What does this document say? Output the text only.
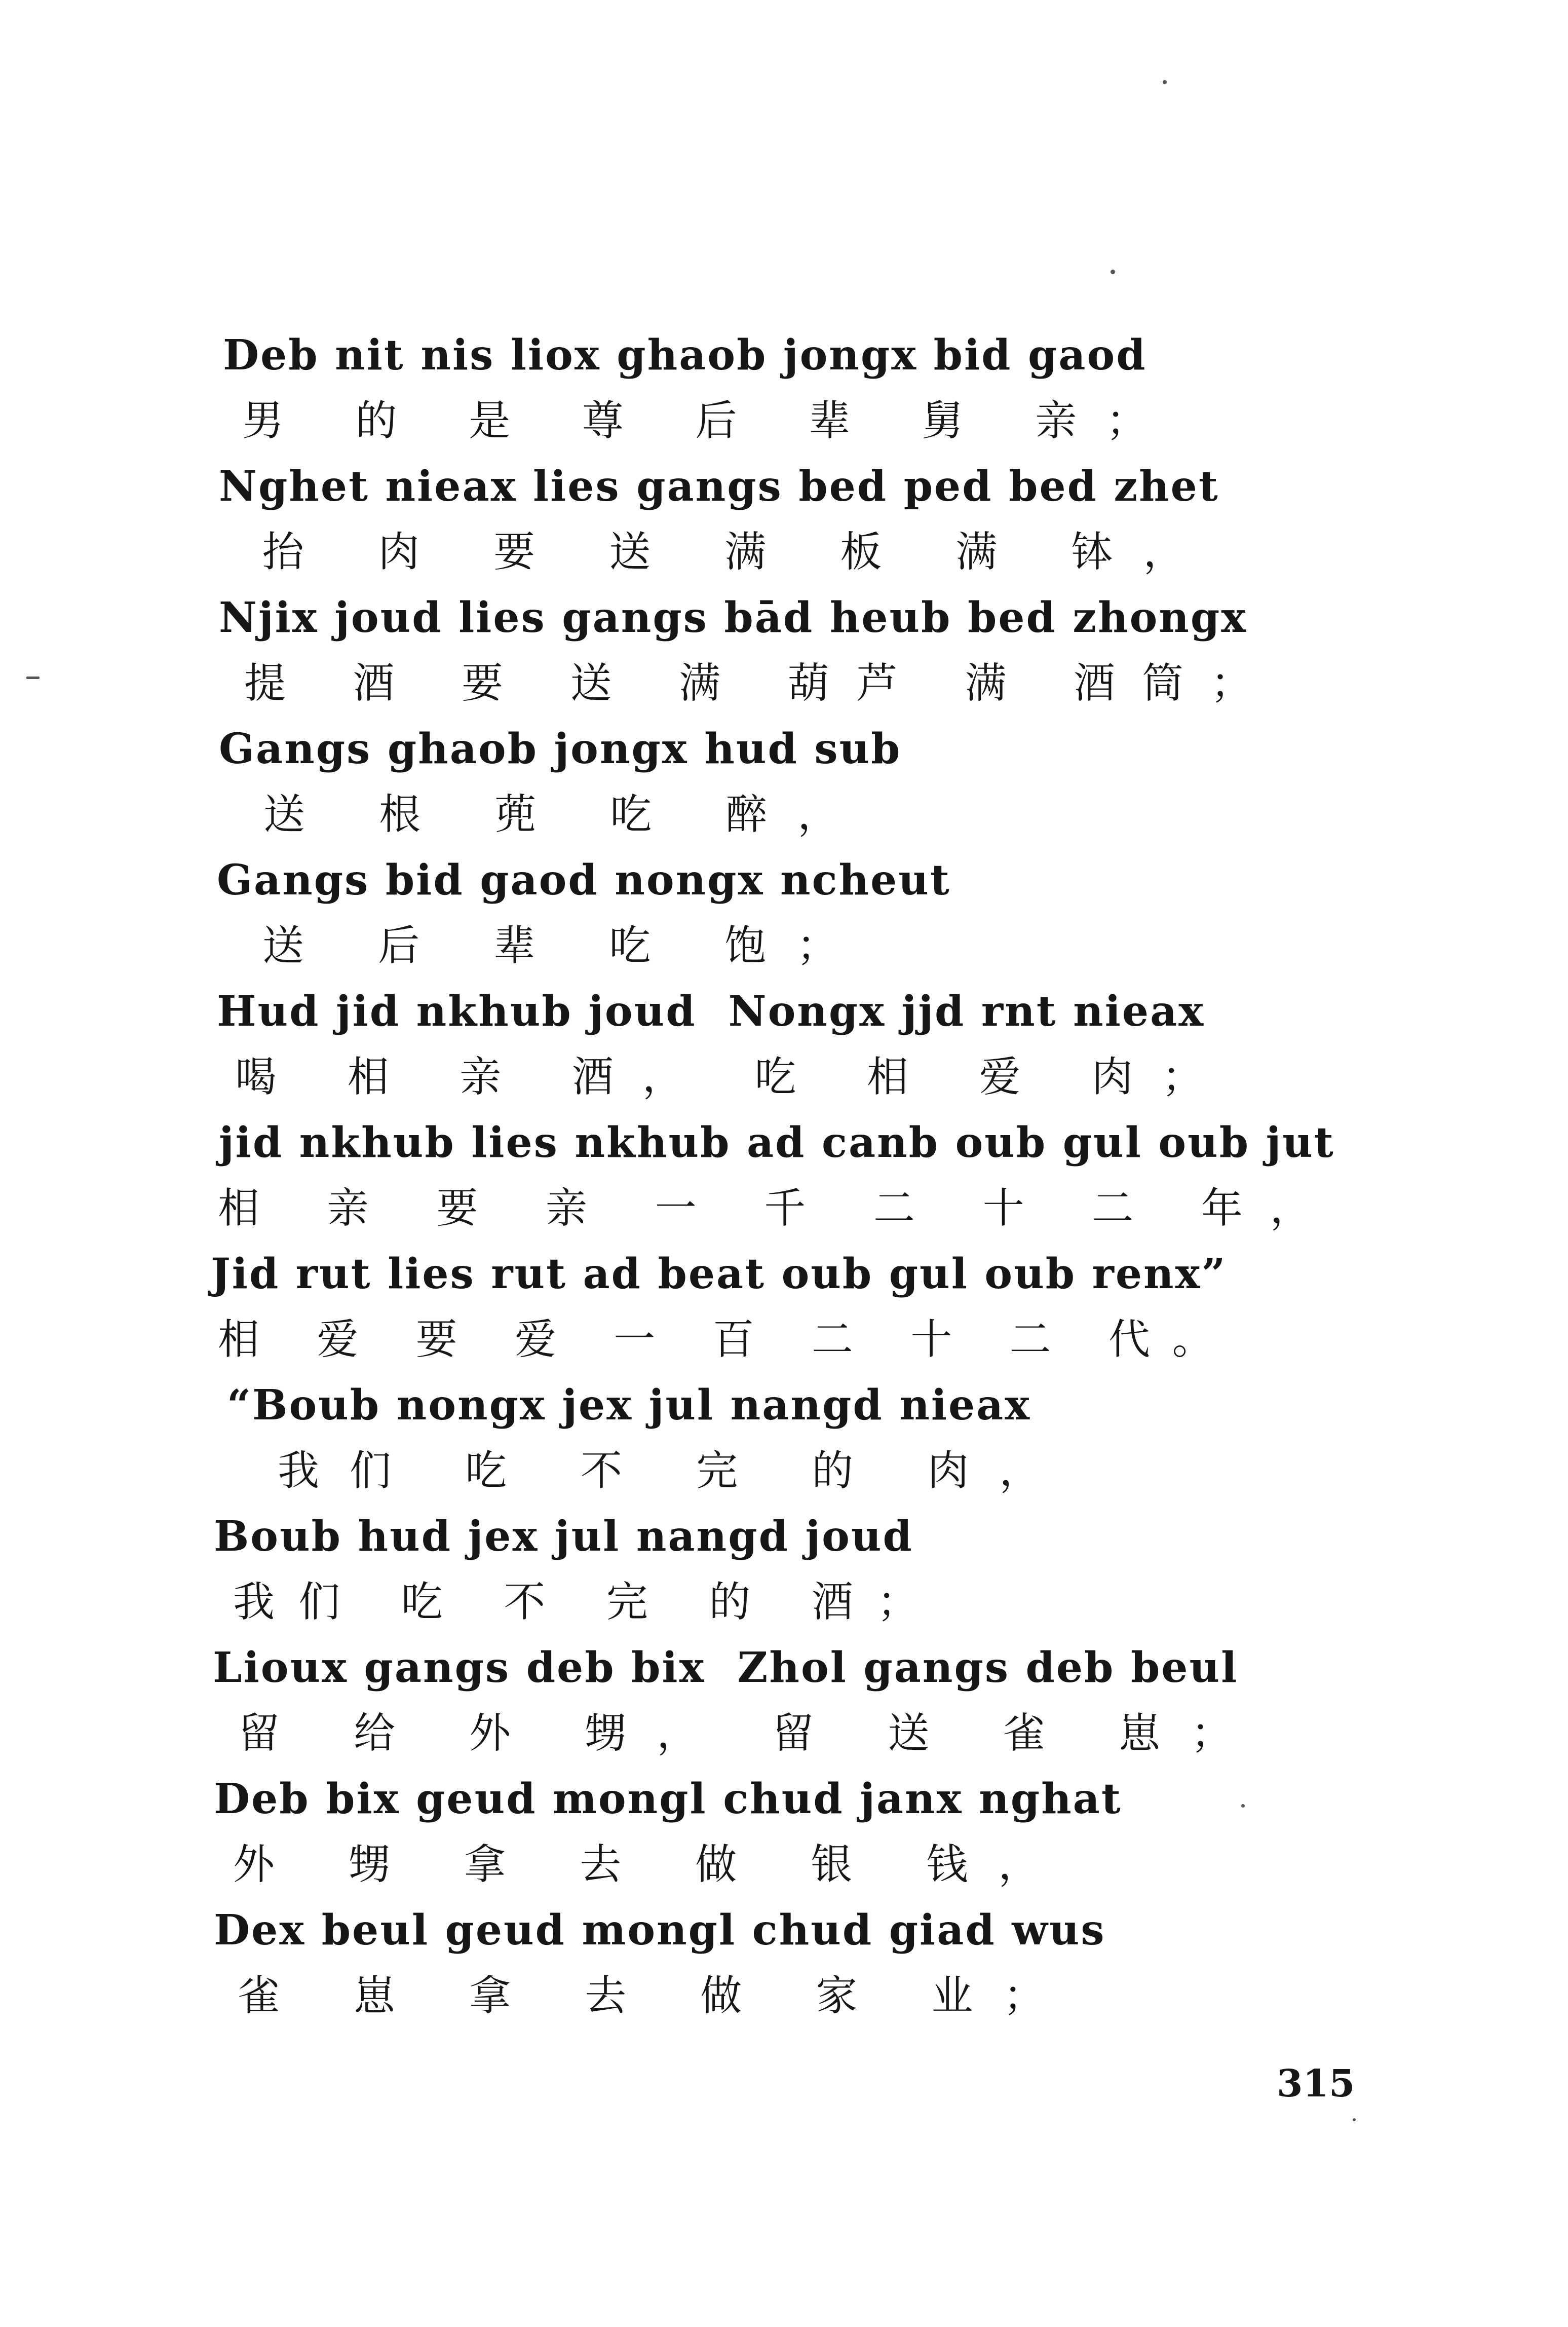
Deb nit nis liox ghaob jongx bid gaod
男 的 是 尊 后 辈 舅 亲；
Nghet nieax lies gangs bed ped bed zhet
抬 肉 要 送 满 板 满 钵，
Njix joud lies gangs bād heub bed zhongx
提 酒 要 送 满 葫芦 满 酒筒；
Gangs ghaob jongx hud sub
送 根 蔸 吃 醉，
Gangs bid gaod nongx ncheut
送 后 辈 吃 饱；
Hud jid nkhub joud  Nongx jjd rnt nieax
喝 相 亲 酒， 吃 相 爱 肉；
jid nkhub lies nkhub ad canb oub gul oub jut
相 亲 要 亲 一 千 二 十 二 年，
Jid rut lies rut ad beat oub gul oub renx”
相 爱 要 爱 一 百 二 十 二 代。
“Boub nongx jex jul nangd nieax
我们 吃 不 完 的 肉，
Boub hud jex jul nangd joud
我们 吃 不 完 的 酒；
Lioux gangs deb bix  Zhol gangs deb beul
留 给 外 甥， 留 送 雀 崽；
Deb bix geud mongl chud janx nghat
外 甥 拿 去 做 银 钱，
Dex beul geud mongl chud giad wus
雀 崽 拿 去 做 家 业；
315
